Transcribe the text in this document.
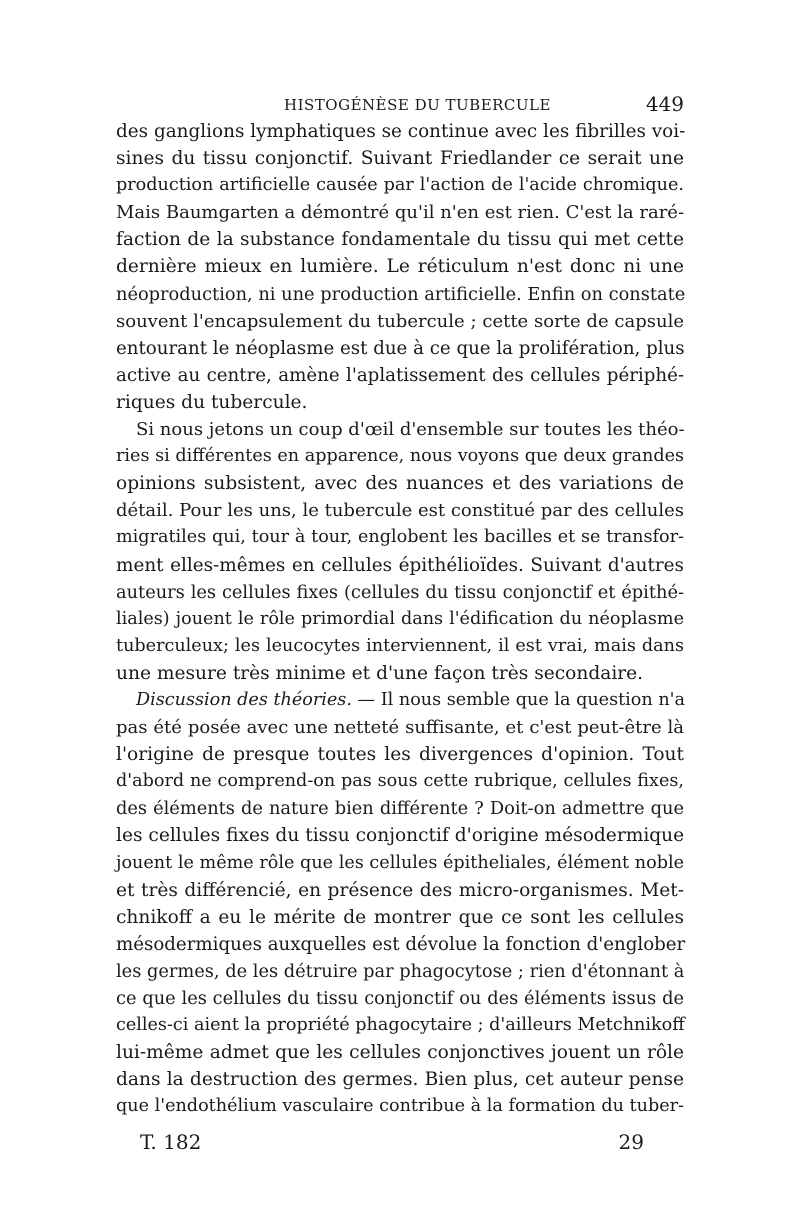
HISTOGÉNÈSE DU TUBERCULE	449

des ganglions lymphatiques se continue avec les fibrilles voi-
sines du tissu conjonctif. Suivant Friedlander ce serait une
production artificielle causée par l'action de l'acide chromique.
Mais Baumgarten a démontré qu'il n'en est rien. C'est la raré-
faction de la substance fondamentale du tissu qui met cette
dernière mieux en lumière. Le réticulum n'est donc ni une
néoproduction, ni une production artificielle. Enfin on constate
souvent l'encapsulement du tubercule ; cette sorte de capsule
entourant le néoplasme est due à ce que la prolifération, plus
active au centre, amène l'aplatissement des cellules périphé-
riques du tubercule.

Si nous jetons un coup d'œil d'ensemble sur toutes les théo-
ries si différentes en apparence, nous voyons que deux grandes
opinions subsistent, avec des nuances et des variations de
détail. Pour les uns, le tubercule est constitué par des cellules
migratiles qui, tour à tour, englobent les bacilles et se transfor-
ment elles-mêmes en cellules épithélioïdes. Suivant d'autres
auteurs les cellules fixes (cellules du tissu conjonctif et épithé-
liales) jouent le rôle primordial dans l'édification du néoplasme
tuberculeux; les leucocytes interviennent, il est vrai, mais dans
une mesure très minime et d'une façon très secondaire.

Discussion des théories. — Il nous semble que la question n'a
pas été posée avec une netteté suffisante, et c'est peut-être là
l'origine de presque toutes les divergences d'opinion. Tout
d'abord ne comprend-on pas sous cette rubrique, cellules fixes,
des éléments de nature bien différente ? Doit-on admettre que
les cellules fixes du tissu conjonctif d'origine mésodermique
jouent le même rôle que les cellules épitheliales, élément noble
et très différencié, en présence des micro-organismes. Met-
chnikoff a eu le mérite de montrer que ce sont les cellules
mésodermiques auxquelles est dévolue la fonction d'englober
les germes, de les détruire par phagocytose ; rien d'étonnant à
ce que les cellules du tissu conjonctif ou des éléments issus de
celles-ci aient la propriété phagocytaire ; d'ailleurs Metchnikoff
lui-même admet que les cellules conjonctives jouent un rôle
dans la destruction des germes. Bien plus, cet auteur pense
que l'endothélium vasculaire contribue à la formation du tuber-

T. 182	29
